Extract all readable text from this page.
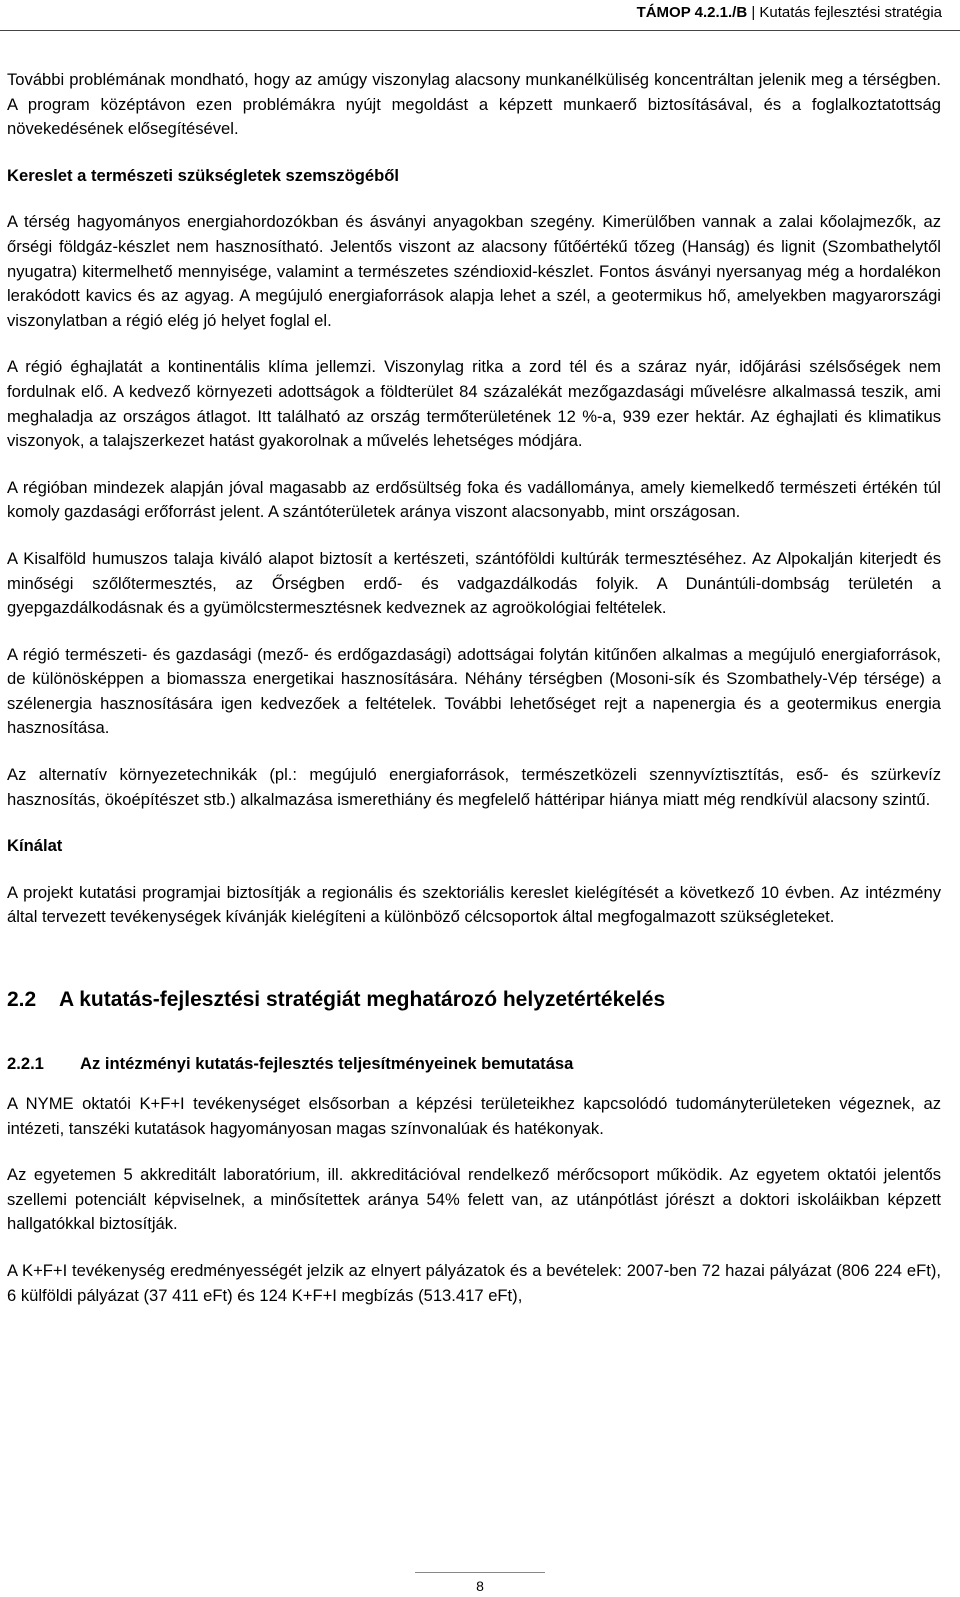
TÁMOP 4.2.1./B | Kutatás fejlesztési stratégia

További problémának mondható, hogy az amúgy viszonylag alacsony munkanélküliség koncentráltan jelenik meg a térségben. A program középtávon ezen problémákra nyújt megoldást a képzett munkaerő biztosításával, és a foglalkoztatottság növekedésének elősegítésével.

Kereslet a természeti szükségletek szemszögéből

A térség hagyományos energiahordozókban és ásványi anyagokban szegény. Kimerülőben vannak a zalai kőolajmezők, az őrségi földgáz-készlet nem hasznosítható. Jelentős viszont az alacsony fűtőértékű tőzeg (Hanság) és lignit (Szombathelytől nyugatra) kitermelhető mennyisége, valamint a természetes széndioxid-készlet. Fontos ásványi nyersanyag még a hordalékon lerakódott kavics és az agyag. A megújuló energiaforrások alapja lehet a szél, a geotermikus hő, amelyekben magyarországi viszonylatban a régió elég jó helyet foglal el.

A régió éghajlatát a kontinentális klíma jellemzi. Viszonylag ritka a zord tél és a száraz nyár, időjárási szélsőségek nem fordulnak elő. A kedvező környezeti adottságok a földterület 84 százalékát mezőgazdasági művelésre alkalmassá teszik, ami meghaladja az országos átlagot. Itt található az ország termőterületének 12 %-a, 939 ezer hektár. Az éghajlati és klimatikus viszonyok, a talajszerkezet hatást gyakorolnak a művelés lehetséges módjára.

A régióban mindezek alapján jóval magasabb az erdősültség foka és vadállománya, amely kiemelkedő természeti értékén túl komoly gazdasági erőforrást jelent. A szántóterületek aránya viszont alacsonyabb, mint országosan.

A Kisalföld humuszos talaja kiváló alapot biztosít a kertészeti, szántóföldi kultúrák termesztéséhez. Az Alpokalján kiterjedt és minőségi szőlőtermesztés, az Őrségben erdő- és vadgazdálkodás folyik. A Dunántúli-dombság területén a gyepgazdálkodásnak és a gyümölcstermesztésnek kedveznek az agroökológiai feltételek.

A régió természeti- és gazdasági (mező- és erdőgazdasági) adottságai folytán kitűnően alkalmas a megújuló energiaforrások, de különösképpen a biomassza energetikai hasznosítására. Néhány térségben (Mosoni-sík és Szombathely-Vép térsége) a szélenergia hasznosítására igen kedvezőek a feltételek. További lehetőséget rejt a napenergia és a geotermikus energia hasznosítása.

Az alternatív környezetechnikák (pl.: megújuló energiaforrások, természetközeli szennyvíztisztítás, eső- és szürkevíz hasznosítás, ökoépítészet stb.) alkalmazása ismerethiány és megfelelő háttéripar hiánya miatt még rendkívül alacsony szintű.

Kínálat

A projekt kutatási programjai biztosítják a regionális és szektoriális kereslet kielégítését a következő 10 évben. Az intézmény által tervezett tevékenységek kívánják kielégíteni a különböző célcsoportok által megfogalmazott szükségleteket.

2.2	A kutatás-fejlesztési stratégiát meghatározó helyzetértékelés
2.2.1	Az intézményi kutatás-fejlesztés teljesítményeinek bemutatása

A NYME oktatói K+F+I tevékenységet elsősorban a képzési területeikhez kapcsolódó tudományterületeken végeznek, az intézeti, tanszéki kutatások hagyományosan magas színvonalúak és hatékonyak.

Az egyetemen 5 akkreditált laboratórium, ill. akkreditációval rendelkező mérőcsoport működik. Az egyetem oktatói jelentős szellemi potenciált képviselnek, a minősítettek aránya 54% felett van, az utánpótlást jórészt a doktori iskoláikban képzett hallgatókkal biztosítják.

A K+F+I tevékenység eredményességét jelzik az elnyert pályázatok és a bevételek: 2007-ben 72 hazai pályázat (806 224 eFt), 6 külföldi pályázat (37 411 eFt) és 124 K+F+I megbízás (513.417 eFt),

8
